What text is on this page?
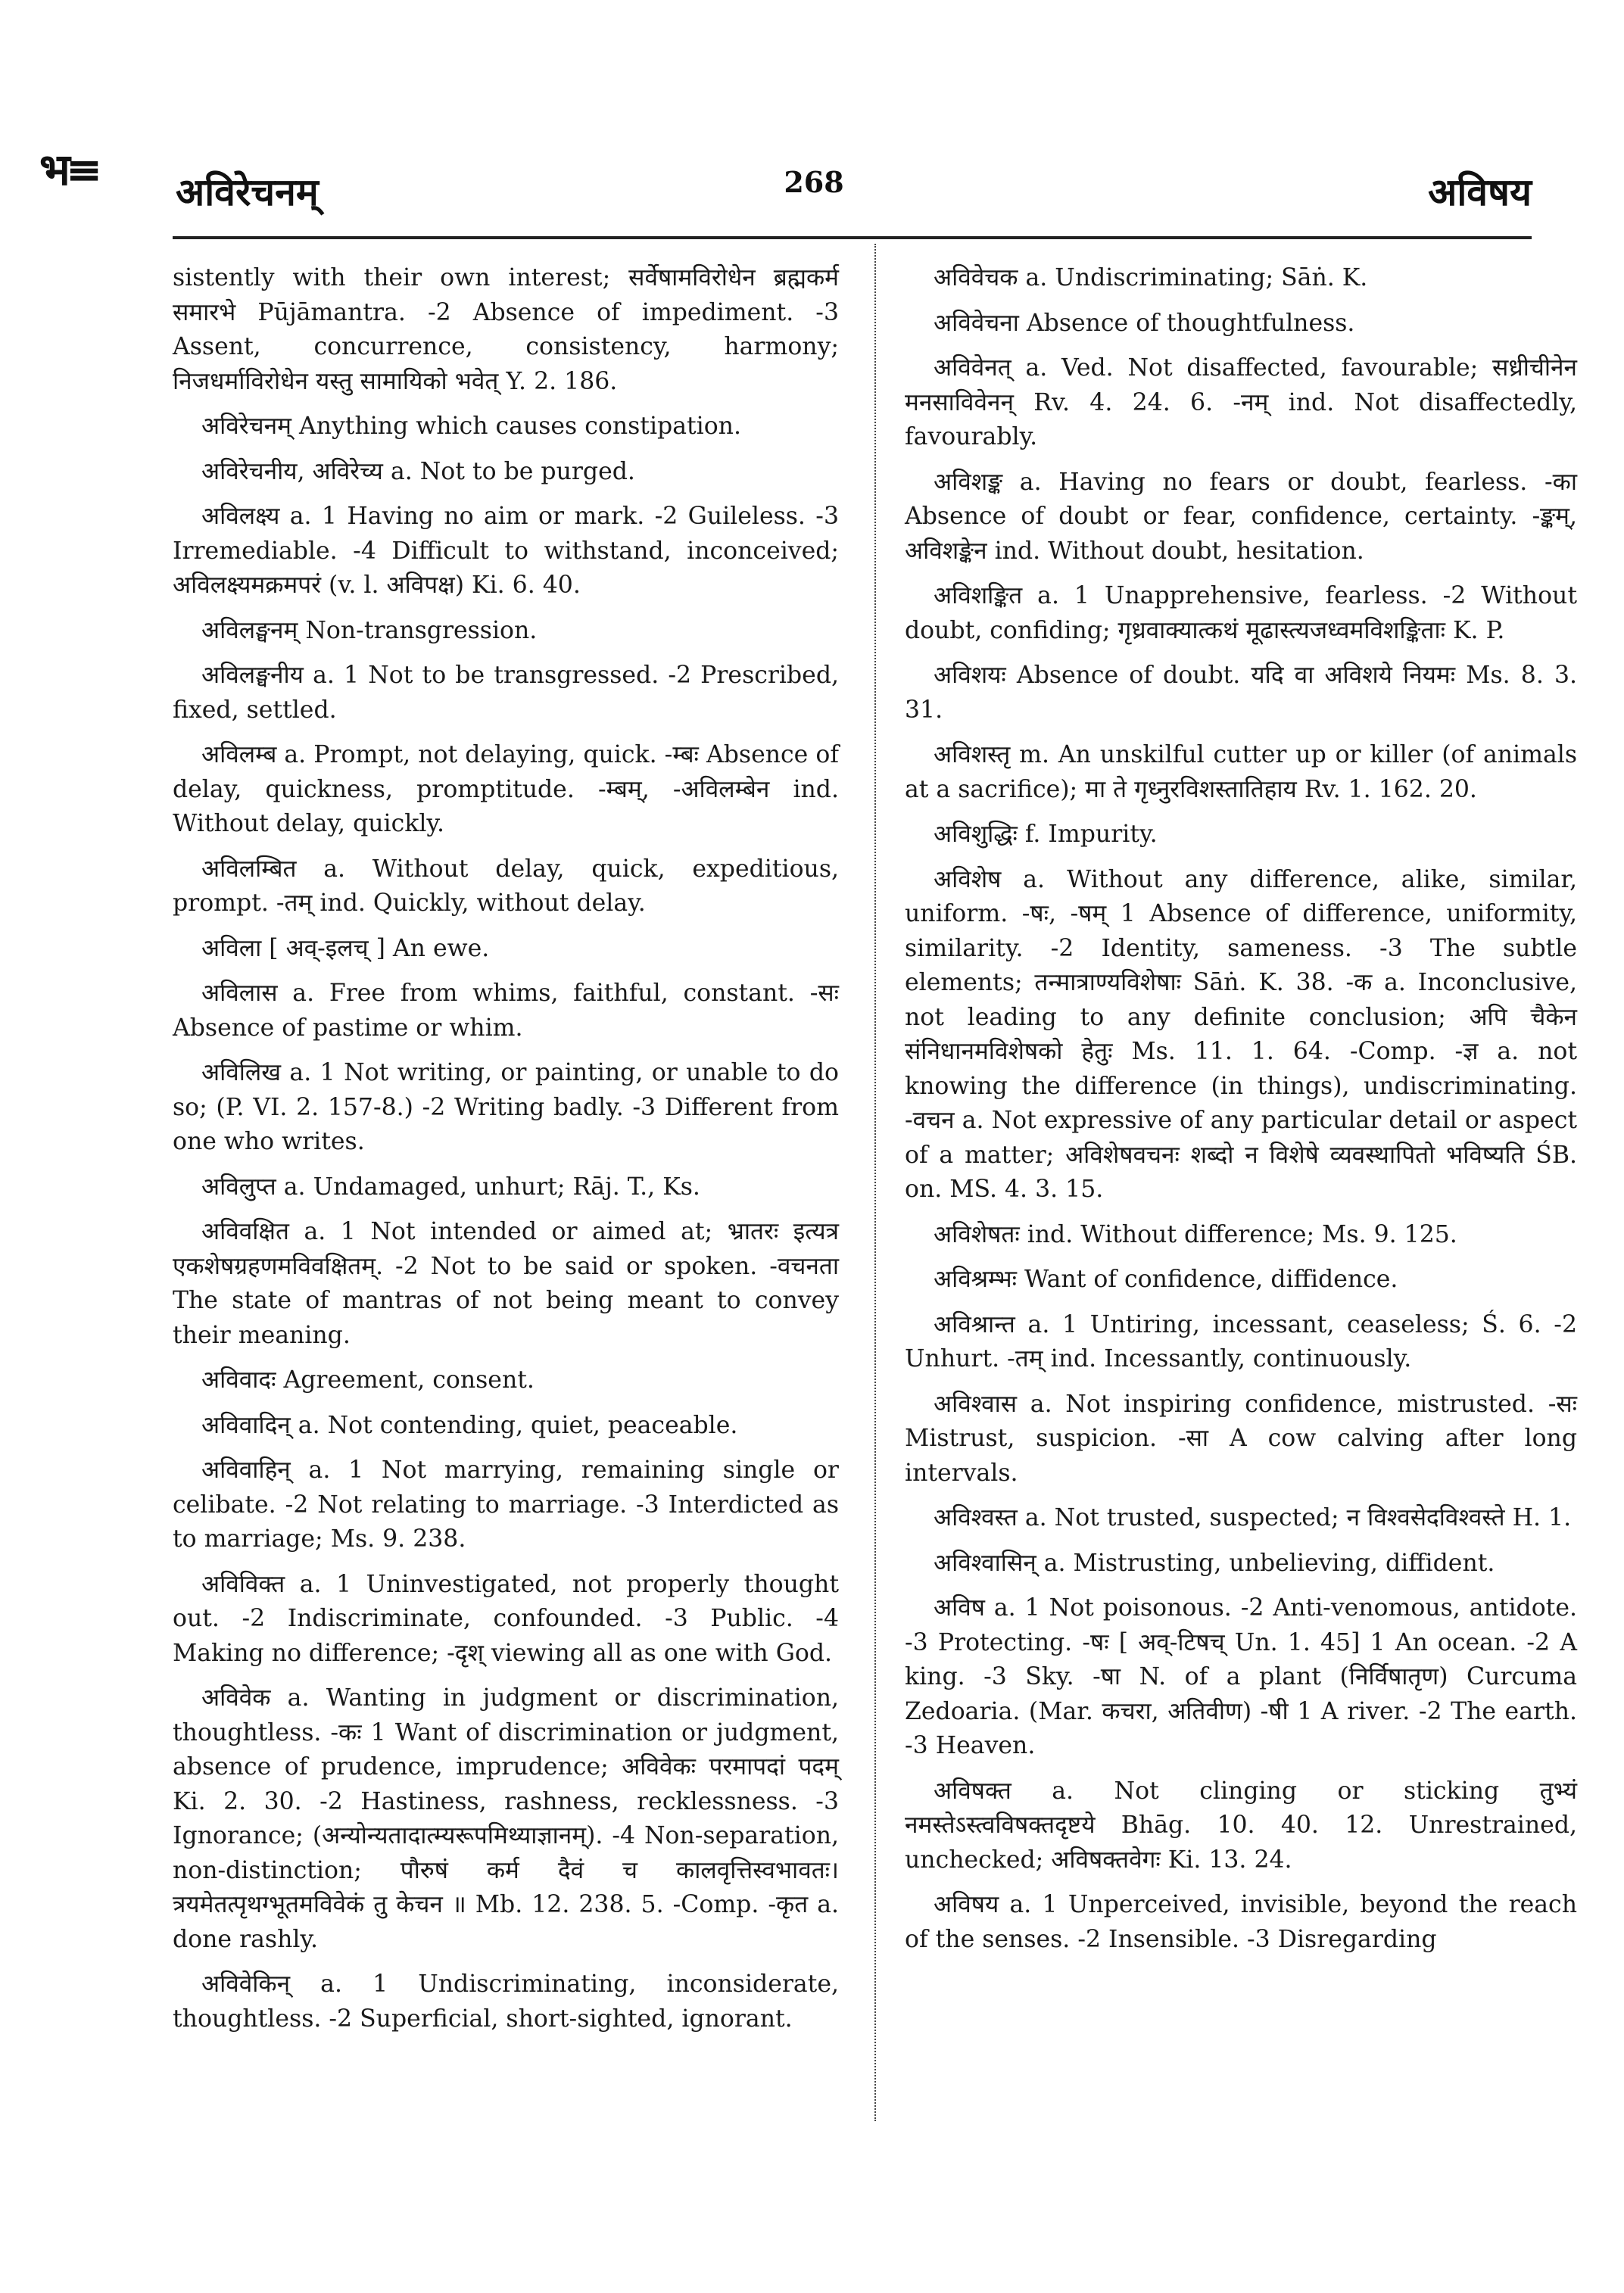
भ≡ अविरेचनम्	268	अविषय

sistently with their own interest; सर्वेषामविरोधेन ब्रह्मकर्म समारभे Pūjāmantra. -2 Absence of impediment. -3 Assent, concurrence, consistency, harmony; निजधर्माविरोधेन यस्तु सामायिको भवेत् Y. 2. 186.

अविरेचनम् Anything which causes constipation.

अविरेचनीय, अविरेच्य a. Not to be purged.

अविलक्ष्य a. 1 Having no aim or mark. -2 Guileless. -3 Irremediable. -4 Difficult to withstand, inconceived; अविलक्ष्यमक्रमपरं (v. l. अविपक्ष) Ki. 6. 40.

अविलङ्घनम् Non-transgression.

अविलङ्घनीय a. 1 Not to be transgressed. -2 Prescribed, fixed, settled.

अविलम्ब a. Prompt, not delaying, quick. -म्बः Absence of delay, quickness, promptitude. -म्बम्, -अविलम्बेन ind. Without delay, quickly.

अविलम्बित a. Without delay, quick, expeditious, prompt. -तम् ind. Quickly, without delay.

अविला [ अव्-इलच् ] An ewe.

अविलास a. Free from whims, faithful, constant. -सः Absence of pastime or whim.

अविलिख a. 1 Not writing, or painting, or unable to do so; (P. VI. 2. 157-8.) -2 Writing badly. -3 Different from one who writes.

अविलुप्त a. Undamaged, unhurt; Rāj. T., Ks.

अविवक्षित a. 1 Not intended or aimed at; भ्रातरः इत्यत्र एकशेषग्रहणमविवक्षितम्. -2 Not to be said or spoken. -वचनता The state of mantras of not being meant to convey their meaning.

अविवादः Agreement, consent.

अविवादिन् a. Not contending, quiet, peaceable.

अविवाहिन् a. 1 Not marrying, remaining single or celibate. -2 Not relating to marriage. -3 Interdicted as to marriage; Ms. 9. 238.

अविविक्त a. 1 Uninvestigated, not properly thought out. -2 Indiscriminate, confounded. -3 Public. -4 Making no difference; -दृश् viewing all as one with God.

अविवेक a. Wanting in judgment or discrimination, thoughtless. -कः 1 Want of discrimination or judgment, absence of prudence, imprudence; अविवेकः परमापदां पदम् Ki. 2. 30. -2 Hastiness, rashness, recklessness. -3 Ignorance; (अन्योन्यतादात्म्यरूपमिथ्याज्ञानम्). -4 Non-separation, non-distinction; पौरुषं कर्म दैवं च कालवृत्तिस्वभावतः। त्रयमेतत्पृथग्भूतमविवेकं तु केचन ॥ Mb. 12. 238. 5. -Comp. -कृत a. done rashly.

अविवेकिन् a. 1 Undiscriminating, inconsiderate, thoughtless. -2 Superficial, short-sighted, ignorant.

अविवेचक a. Undiscriminating; Sāṅ. K.

अविवेचना Absence of thoughtfulness.

अविवेनत् a. Ved. Not disaffected, favourable; सध्रीचीनेन मनसाविवेनन् Rv. 4. 24. 6. -नम् ind. Not disaffectedly, favourably.

अविशङ्क a. Having no fears or doubt, fearless. -का Absence of doubt or fear, confidence, certainty. -ङ्कम्, अविशङ्केन ind. Without doubt, hesitation.

अविशङ्कित a. 1 Unapprehensive, fearless. -2 Without doubt, confiding; गृध्रवाक्यात्कथं मूढास्त्यजध्वमविशङ्किताः K. P.

अविशयः Absence of doubt. यदि वा अविशये नियमः Ms. 8. 3. 31.

अविशस्तृ m. An unskilful cutter up or killer (of animals at a sacrifice); मा ते गृध्नुरविशस्तातिहाय Rv. 1. 162. 20.

अविशुद्धिः f. Impurity.

अविशेष a. Without any difference, alike, similar, uniform. -षः, -षम् 1 Absence of difference, uniformity, similarity. -2 Identity, sameness. -3 The subtle elements; तन्मात्राण्यविशेषाः Sāṅ. K. 38. -क a. Inconclusive, not leading to any definite conclusion; अपि चैकेन संनिधानमविशेषको हेतुः Ms. 11. 1. 64. -Comp. -ज्ञ a. not knowing the difference (in things), undiscriminating. -वचन a. Not expressive of any particular detail or aspect of a matter; अविशेषवचनः शब्दो न विशेषे व्यवस्थापितो भविष्यति ŚB. on. MS. 4. 3. 15.

अविशेषतः ind. Without difference; Ms. 9. 125.

अविश्रम्भः Want of confidence, diffidence.

अविश्रान्त a. 1 Untiring, incessant, ceaseless; Ś. 6. -2 Unhurt. -तम् ind. Incessantly, continuously.

अविश्वास a. Not inspiring confidence, mistrusted. -सः Mistrust, suspicion. -सा A cow calving after long intervals.

अविश्वस्त a. Not trusted, suspected; न विश्वसेदविश्वस्ते H. 1.

अविश्वासिन् a. Mistrusting, unbelieving, diffident.

अविष a. 1 Not poisonous. -2 Anti-venomous, antidote. -3 Protecting. -षः [ अव्-टिषच् Un. 1. 45] 1 An ocean. -2 A king. -3 Sky. -षा N. of a plant (निर्विषातृण) Curcuma Zedoaria. (Mar. कचरा, अतिवीण) -षी 1 A river. -2 The earth. -3 Heaven.

अविषक्त a. Not clinging or sticking तुभ्यं नमस्तेऽस्त्वविषक्तदृष्टये Bhāg. 10. 40. 12. Unrestrained, unchecked; अविषक्तवेगः Ki. 13. 24.

अविषय a. 1 Unperceived, invisible, beyond the reach of the senses. -2 Insensible. -3 Disregarding
